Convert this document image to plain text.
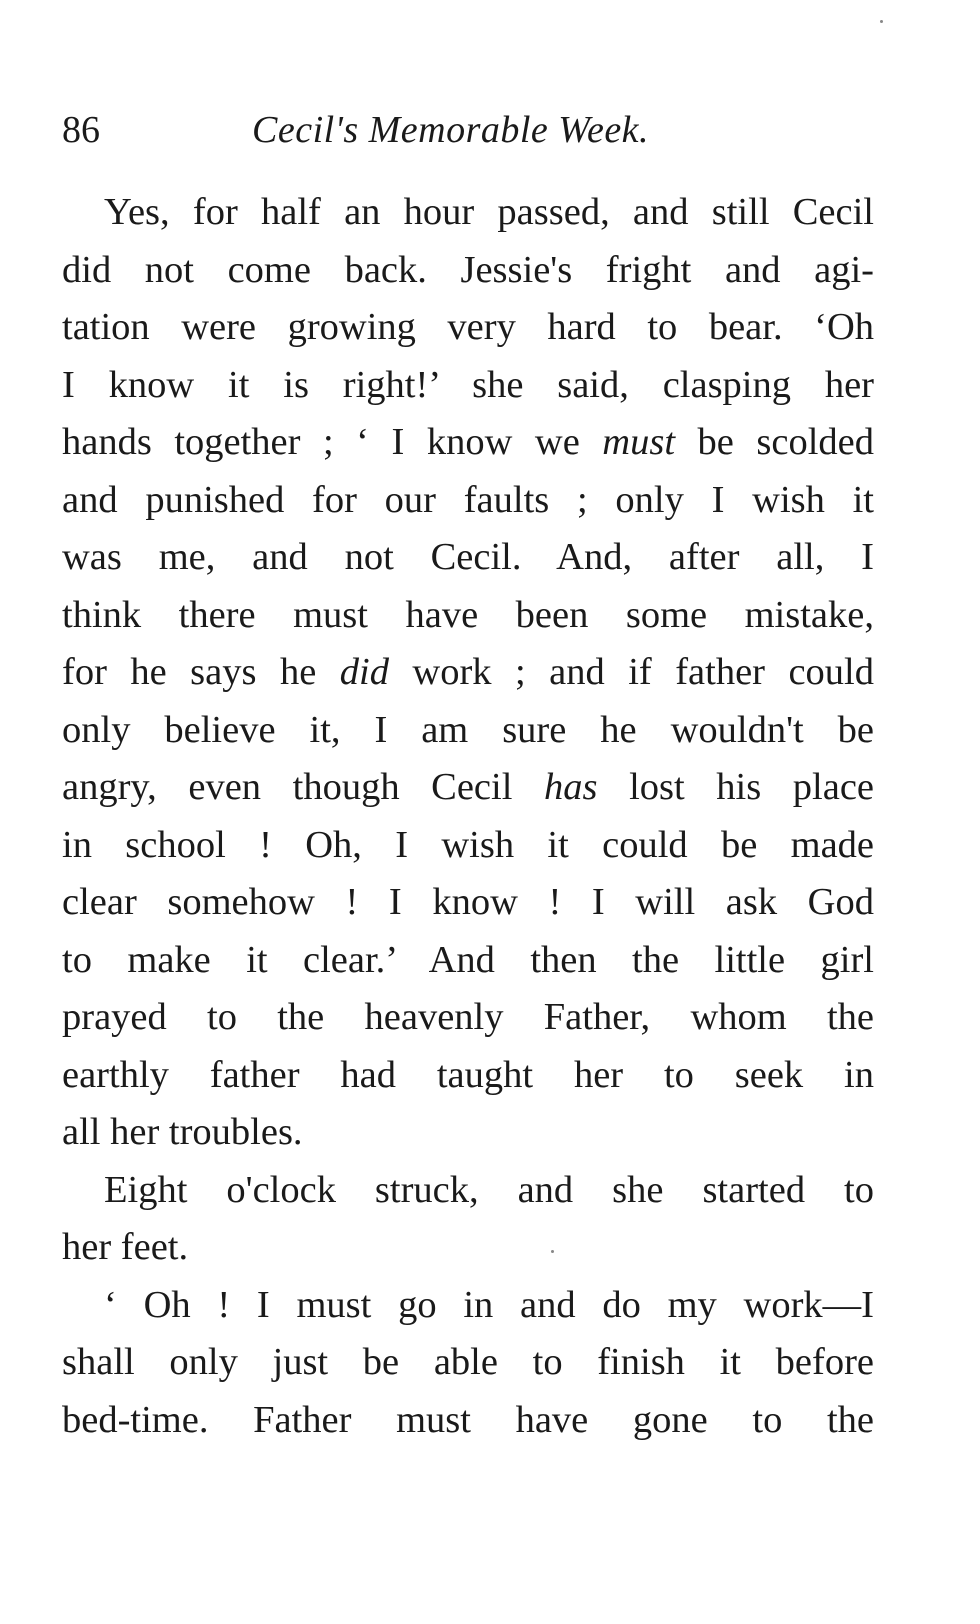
86	Cecil's Memorable Week.
Yes, for half an hour passed, and still Cecil
did not come back. Jessie's fright and agi-
tation were growing very hard to bear. ‘Oh
I know it is right!’ she said, clasping her
hands together ; ‘ I know we must be scolded
and punished for our faults ; only I wish it
was me, and not Cecil. And, after all, I
think there must have been some mistake,
for he says he did work ; and if father could
only believe it, I am sure he wouldn't be
angry, even though Cecil has lost his place
in school ! Oh, I wish it could be made
clear somehow ! I know ! I will ask God
to make it clear.’ And then the little girl
prayed to the heavenly Father, whom the
earthly father had taught her to seek in
all her troubles.
Eight o'clock struck, and she started to
her feet.
‘ Oh ! I must go in and do my work—I
shall only just be able to finish it before
bed-time. Father must have gone to the
